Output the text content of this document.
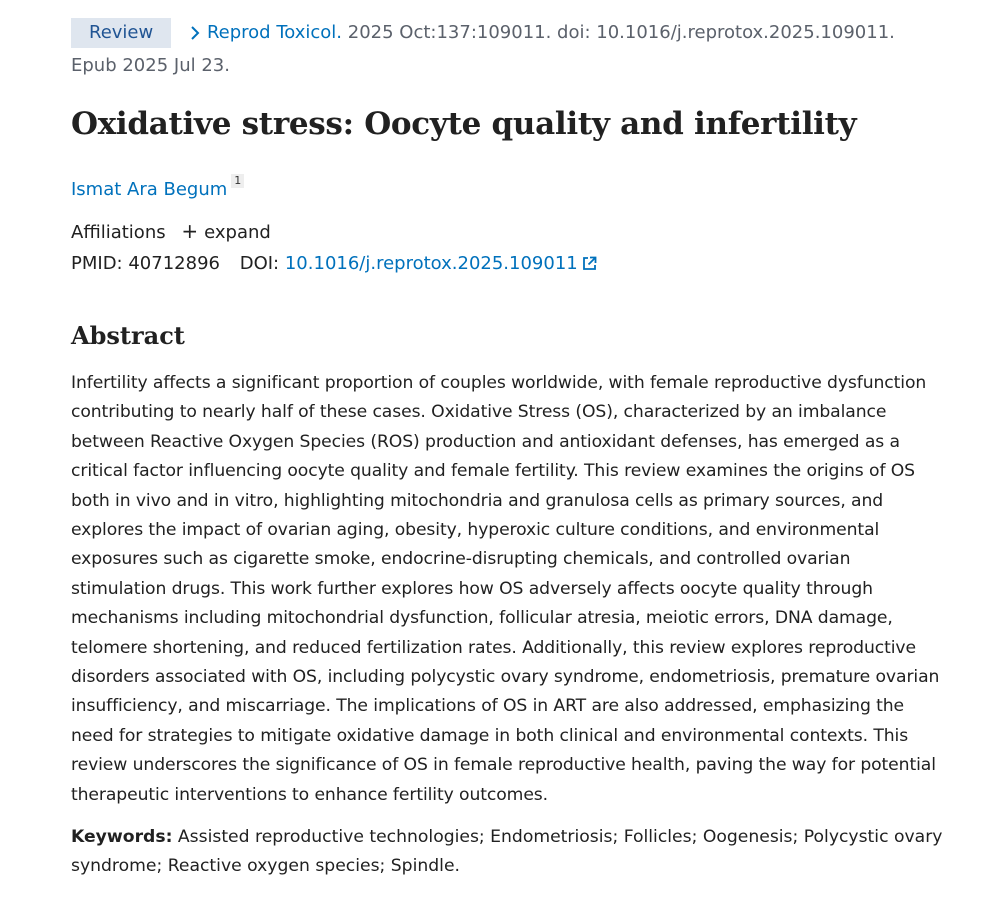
Review	Reprod Toxicol. 2025 Oct:137:109011. doi: 10.1016/j.reprotox.2025.109011.
Epub 2025 Jul 23.
Oxidative stress: Oocyte quality and infertility
Ismat Ara Begum 1
Affiliations + expand
PMID: 40712896 DOI: 10.1016/j.reprotox.2025.109011
Abstract

Infertility affects a significant proportion of couples worldwide, with female reproductive dysfunction contributing to nearly half of these cases. Oxidative Stress (OS), characterized by an imbalance between Reactive Oxygen Species (ROS) production and antioxidant defenses, has emerged as a critical factor influencing oocyte quality and female fertility. This review examines the origins of OS both in vivo and in vitro, highlighting mitochondria and granulosa cells as primary sources, and explores the impact of ovarian aging, obesity, hyperoxic culture conditions, and environmental exposures such as cigarette smoke, endocrine-disrupting chemicals, and controlled ovarian stimulation drugs. This work further explores how OS adversely affects oocyte quality through mechanisms including mitochondrial dysfunction, follicular atresia, meiotic errors, DNA damage, telomere shortening, and reduced fertilization rates. Additionally, this review explores reproductive disorders associated with OS, including polycystic ovary syndrome, endometriosis, premature ovarian insufficiency, and miscarriage. The implications of OS in ART are also addressed, emphasizing the need for strategies to mitigate oxidative damage in both clinical and environmental contexts. This review underscores the significance of OS in female reproductive health, paving the way for potential therapeutic interventions to enhance fertility outcomes.

Keywords: Assisted reproductive technologies; Endometriosis; Follicles; Oogenesis; Polycystic ovary syndrome; Reactive oxygen species; Spindle.
